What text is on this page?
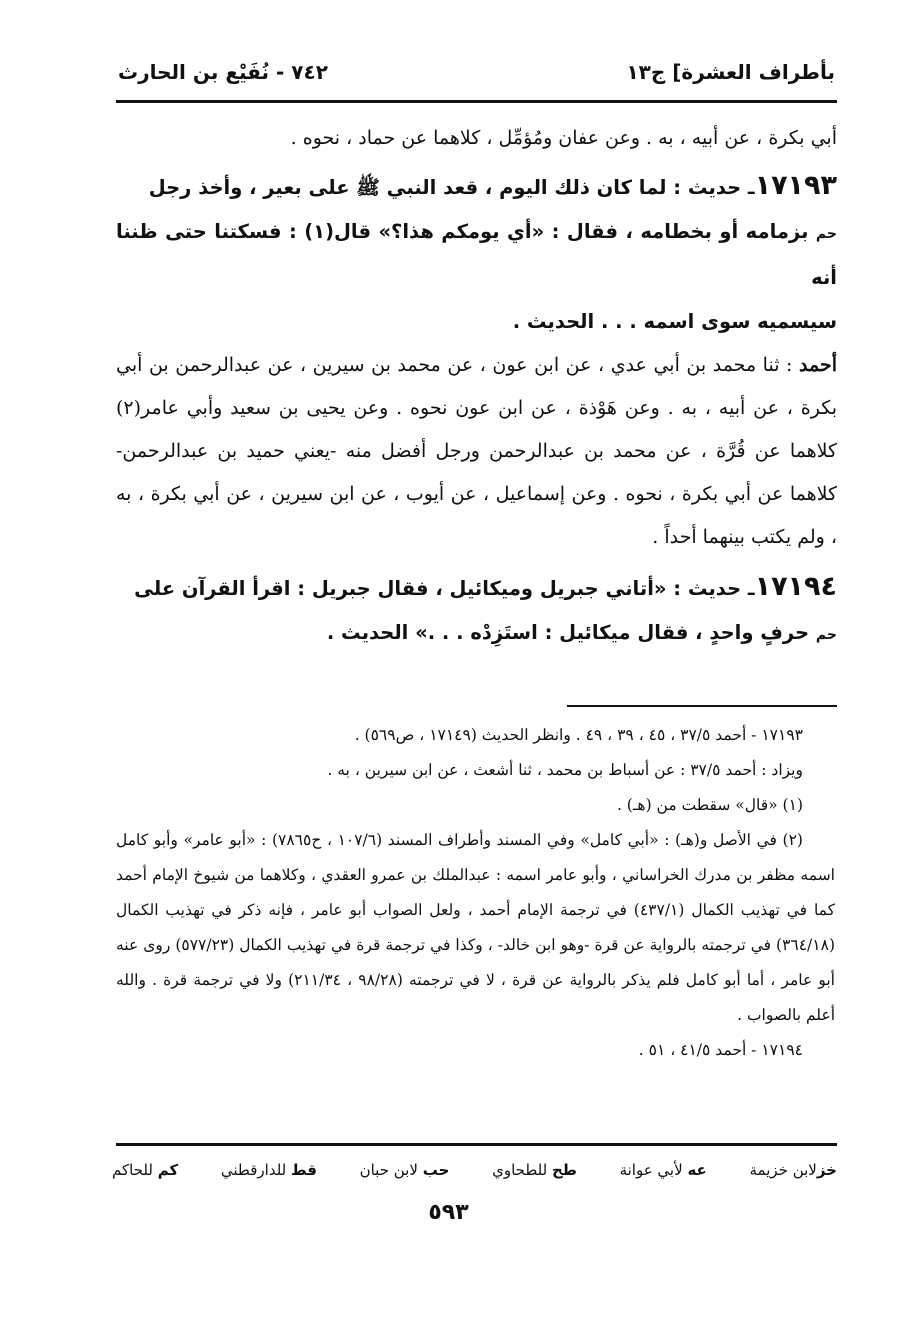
بأطراف العشرة] ج١٣
٧٤٢ - نُفَيْع بن الحارث

أبي بكرة ، عن أبيه ، به . وعن عفان ومُؤمِّل ، كلاهما عن حماد ، نحوه .

١٧١٩٣ـ حديث : لما كان ذلك اليوم ، قعد النبي ﷺ على بعير ، وأخذ رجل
حم بزمامه أو بخطامه ، فقال : «أي يومكم هذا؟» قال(١) : فسكتنا حتى ظننا أنه
سيسميه سوى اسمه . . . الحديث .

أحمد : ثنا محمد بن أبي عدي ، عن ابن عون ، عن محمد بن سيرين ، عن عبدالرحمن بن أبي بكرة ، عن أبيه ، به . وعن هَوْذة ، عن ابن عون نحوه . وعن يحيى بن سعيد وأبي عامر(٢) كلاهما عن قُرَّة ، عن محمد بن عبدالرحمن ورجل أفضل منه -يعني حميد بن عبدالرحمن- كلاهما عن أبي بكرة ، نحوه . وعن إسماعيل ، عن أيوب ، عن ابن سيرين ، عن أبي بكرة ، به ، ولم يكتب بينهما أحداً .

١٧١٩٤ـ حديث : «أتاني جبريل وميكائيل ، فقال جبريل : اقرأ القرآن على
حم حرفٍ واحدٍ ، فقال ميكائيل : استَزِدْه . . .» الحديث .

١٧١٩٣ - أحمد ٣٧/٥ ، ٤٥ ، ٣٩ ، ٤٩ . وانظر الحديث (١٧١٤٩ ، ص٥٦٩) .

ويزاد : أحمد ٣٧/٥ : عن أسباط بن محمد ، ثنا أشعث ، عن ابن سيرين ، به .

(١) «قال» سقطت من (هـ) .

(٢) في الأصل و(هـ) : «أبي كامل» وفي المسند وأطراف المسند (١٠٧/٦ ، ح٧٨٦٥) : «أبو عامر» وأبو كامل اسمه مظفر بن مدرك الخراساني ، وأبو عامر اسمه : عبدالملك بن عمرو العقدي ، وكلاهما من شيوخ الإمام أحمد كما في تهذيب الكمال (٤٣٧/١) في ترجمة الإمام أحمد ، ولعل الصواب أبو عامر ، فإنه ذكر في تهذيب الكمال (٣٦٤/١٨) في ترجمته بالرواية عن قرة -وهو ابن خالد- ، وكذا في ترجمة قرة في تهذيب الكمال (٥٧٧/٢٣) روى عنه أبو عامر ، أما أبو كامل فلم يذكر بالرواية عن قرة ، لا في ترجمته (٩٨/٢٨ ، ٢١١/٣٤) ولا في ترجمة قرة . والله أعلم بالصواب .

١٧١٩٤ - أحمد ٤١/٥ ، ٥١ .

خزلابن خزيمة
عه لأبي عوانة
طح للطحاوي
حب لابن حبان
قط للدارقطني
كم للحاكم
٥٩٣
